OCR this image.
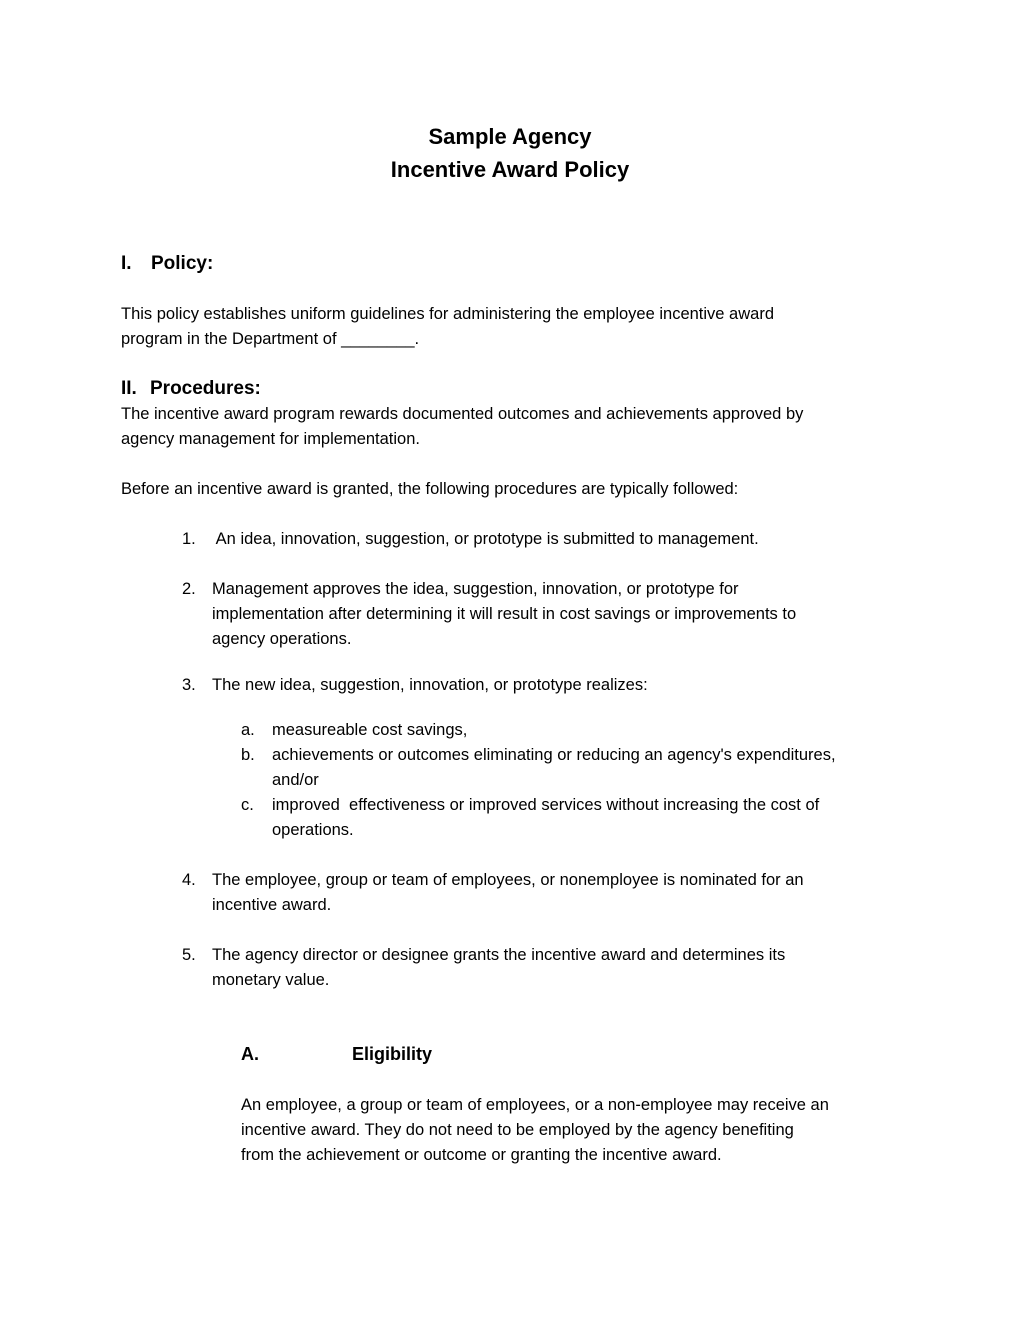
Sample Agency
Incentive Award Policy
I. Policy:
This policy establishes uniform guidelines for administering the employee incentive award
program in the Department of ________.
II. Procedures:
The incentive award program rewards documented outcomes and achievements approved by
agency management for implementation.
Before an incentive award is granted, the following procedures are typically followed:
1. An idea, innovation, suggestion, or prototype is submitted to management.
2. Management approves the idea, suggestion, innovation, or prototype for
implementation after determining it will result in cost savings or improvements to
agency operations.
3. The new idea, suggestion, innovation, or prototype realizes:
a. measureable cost savings,
b. achievements or outcomes eliminating or reducing an agency's expenditures,
and/or
c. improved  effectiveness or improved services without increasing the cost of
operations.
4. The employee, group or team of employees, or nonemployee is nominated for an
incentive award.
5. The agency director or designee grants the incentive award and determines its
monetary value.
A.	Eligibility
An employee, a group or team of employees, or a non-employee may receive an
incentive award. They do not need to be employed by the agency benefiting
from the achievement or outcome or granting the incentive award.
